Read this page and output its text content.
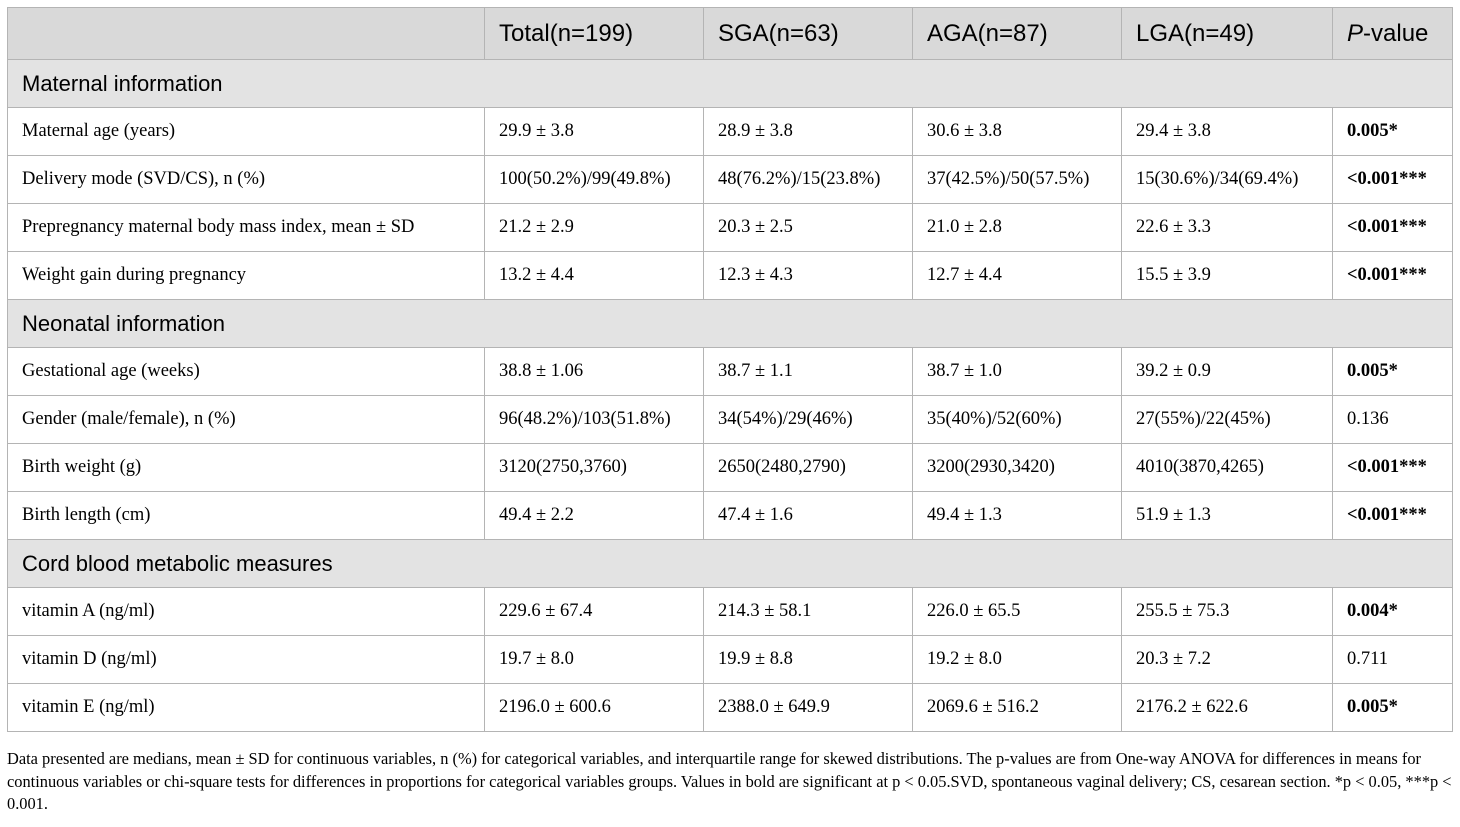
	Total(n=199)	SGA(n=63)	AGA(n=87)	LGA(n=49)	P-value
Maternal information					
Maternal age (years)	29.9 ± 3.8	28.9 ± 3.8	30.6 ± 3.8	29.4 ± 3.8	0.005*
Delivery mode (SVD/CS), n (%)	100(50.2%)/99(49.8%)	48(76.2%)/15(23.8%)	37(42.5%)/50(57.5%)	15(30.6%)/34(69.4%)	<0.001***
Prepregnancy maternal body mass index, mean ± SD	21.2 ± 2.9	20.3 ± 2.5	21.0 ± 2.8	22.6 ± 3.3	<0.001***
Weight gain during pregnancy	13.2 ± 4.4	12.3 ± 4.3	12.7 ± 4.4	15.5 ± 3.9	<0.001***
Neonatal information					
Gestational age (weeks)	38.8 ± 1.06	38.7 ± 1.1	38.7 ± 1.0	39.2 ± 0.9	0.005*
Gender (male/female), n (%)	96(48.2%)/103(51.8%)	34(54%)/29(46%)	35(40%)/52(60%)	27(55%)/22(45%)	0.136
Birth weight (g)	3120(2750,3760)	2650(2480,2790)	3200(2930,3420)	4010(3870,4265)	<0.001***
Birth length (cm)	49.4 ± 2.2	47.4 ± 1.6	49.4 ± 1.3	51.9 ± 1.3	<0.001***
Cord blood metabolic measures					
vitamin A (ng/ml)	229.6 ± 67.4	214.3 ± 58.1	226.0 ± 65.5	255.5 ± 75.3	0.004*
vitamin D (ng/ml)	19.7 ± 8.0	19.9 ± 8.8	19.2 ± 8.0	20.3 ± 7.2	0.711
vitamin E (ng/ml)	2196.0 ± 600.6	2388.0 ± 649.9	2069.6 ± 516.2	2176.2 ± 622.6	0.005*
Data presented are medians, mean ± SD for continuous variables, n (%) for categorical variables, and interquartile range for skewed distributions. The p-values are from One-way ANOVA for differences in means for continuous variables or chi-square tests for differences in proportions for categorical variables groups. Values in bold are significant at p < 0.05.SVD, spontaneous vaginal delivery; CS, cesarean section. *p < 0.05, ***p < 0.001.
